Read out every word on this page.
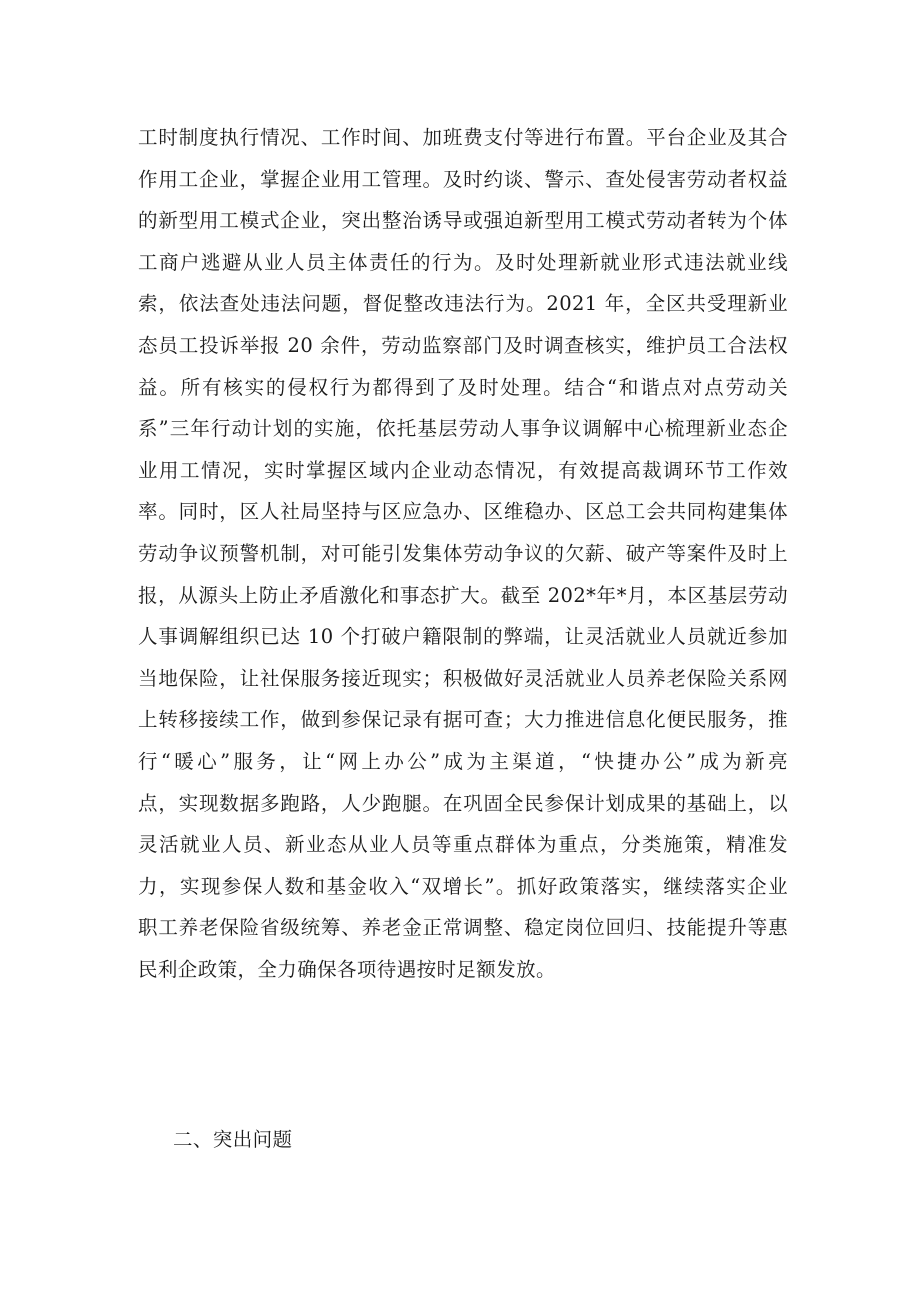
工时制度执行情况、工作时间、加班费支付等进行布置。平台企业及其合
作用工企业，掌握企业用工管理。及时约谈、警示、查处侵害劳动者权益
的新型用工模式企业，突出整治诱导或强迫新型用工模式劳动者转为个体
工商户逃避从业人员主体责任的行为。及时处理新就业形式违法就业线
索，依法查处违法问题，督促整改违法行为。2021 年，全区共受理新业
态员工投诉举报 20 余件，劳动监察部门及时调查核实，维护员工合法权
益。所有核实的侵权行为都得到了及时处理。结合“和谐点对点劳动关
系”三年行动计划的实施，依托基层劳动人事争议调解中心梳理新业态企
业用工情况，实时掌握区域内企业动态情况，有效提高裁调环节工作效
率。同时，区人社局坚持与区应急办、区维稳办、区总工会共同构建集体
劳动争议预警机制，对可能引发集体劳动争议的欠薪、破产等案件及时上
报，从源头上防止矛盾激化和事态扩大。截至 202*年*月，本区基层劳动
人事调解组织已达 10 个打破户籍限制的弊端，让灵活就业人员就近参加
当地保险，让社保服务接近现实；积极做好灵活就业人员养老保险关系网
上转移接续工作，做到参保记录有据可查；大力推进信息化便民服务，推
行“暖心”服务，让“网上办公”成为主渠道，“快捷办公”成为新亮
点，实现数据多跑路，人少跑腿。在巩固全民参保计划成果的基础上，以
灵活就业人员、新业态从业人员等重点群体为重点，分类施策，精准发
力，实现参保人数和基金收入“双增长”。抓好政策落实，继续落实企业
职工养老保险省级统筹、养老金正常调整、稳定岗位回归、技能提升等惠
民利企政策，全力确保各项待遇按时足额发放。
二、突出问题
